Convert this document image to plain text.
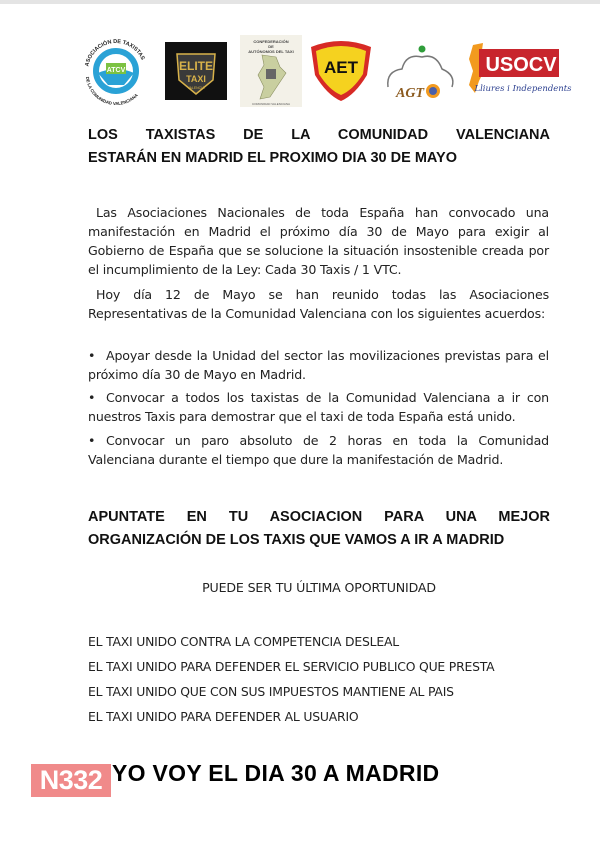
ATCV
ASOCIACIÓN DE TAXISTAS
DE LA COMUNIDAD VALENCIANA
ELITE
TAXI
VALENCIA
CONFEDERACIÓN
DE
AUTÓNOMOS DEL TAXI
COMUNIDAD VALENCIANA
AET
AGT
USOCV
Lliures i Independents
LOS TAXISTAS DE LA COMUNIDAD VALENCIANA
ESTARÁN EN MADRID EL PROXIMO DIA 30 DE MAYO
Las Asociaciones Nacionales de toda España han convocado una manifestación en Madrid el próximo día 30 de Mayo para exigir al Gobierno de España que se solucione la situación insostenible creada por el incumplimiento de la Ley: Cada 30 Taxis / 1 VTC.
Hoy día 12 de Mayo se han reunido todas las Asociaciones Representativas de la Comunidad Valenciana con los siguientes acuerdos:
• Apoyar desde la Unidad del sector las movilizaciones previstas para el próximo día 30 de Mayo en Madrid.
• Convocar a todos los taxistas de la Comunidad Valenciana a ir con nuestros Taxis para demostrar que el taxi de toda España está unido.
• Convocar un paro absoluto de 2 horas en toda la Comunidad Valenciana durante el tiempo que dure la manifestación de Madrid.
APUNTATE EN TU ASOCIACION PARA UNA MEJOR
ORGANIZACIÓN DE LOS TAXIS QUE VAMOS A IR A MADRID
PUEDE SER TU ÚLTIMA OPORTUNIDAD
EL TAXI UNIDO CONTRA LA COMPETENCIA DESLEAL
EL TAXI UNIDO PARA DEFENDER EL SERVICIO PUBLICO QUE PRESTA
EL TAXI UNIDO QUE CON SUS IMPUESTOS MANTIENE AL PAIS
EL TAXI UNIDO PARA DEFENDER AL USUARIO
N332 YO VOY EL DIA 30 A MADRID
